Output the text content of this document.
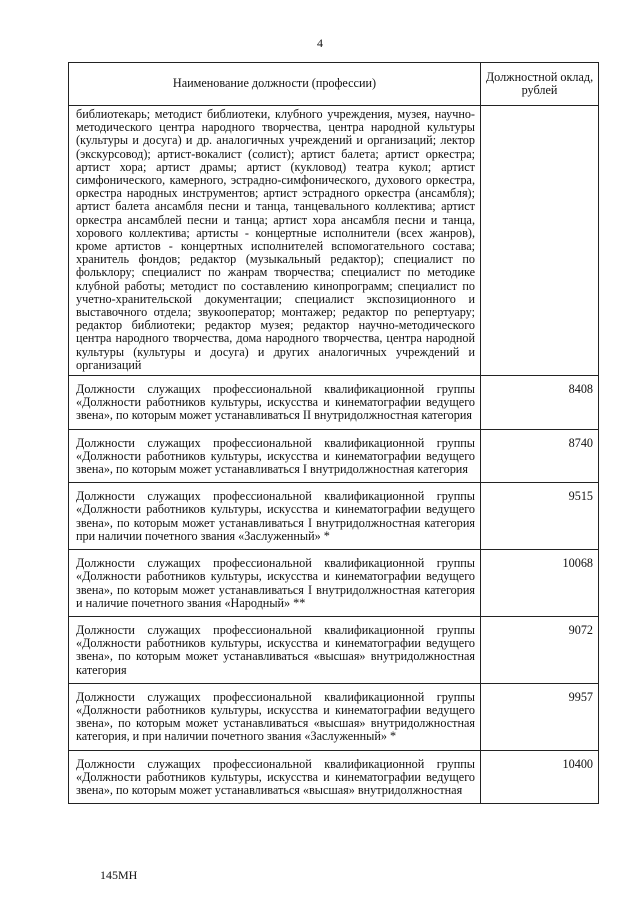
4
Наименование должности (профессии)	Должностной оклад, рублей
библиотекарь; методист библиотеки, клубного учреждения, музея, научно-методического центра народного творчества, центра народной культуры (культуры и досуга) и др. аналогичных учреждений и организаций; лектор (экскурсовод); артист-вокалист (солист); артист балета; артист оркестра; артист хора; артист драмы; артист (кукловод) театра кукол; артист симфонического, камерного, эстрадно-симфонического, духового оркестра, оркестра народных инструментов; артист эстрадного оркестра (ансамбля); артист балета ансамбля песни и танца, танцевального коллектива; артист оркестра ансамблей песни и танца; артист хора ансамбля песни и танца, хорового коллектива; артисты - концертные исполнители (всех жанров), кроме артистов - концертных исполнителей вспомогательного состава; хранитель фондов; редактор (музыкальный редактор); специалист по фольклору; специалист по жанрам творчества; специалист по методике клубной работы; методист по составлению кинопрограмм; специалист по учетно-хранительской документации; специалист экспозиционного и выставочного отдела; звукооператор; монтажер; редактор по репертуару; редактор библиотеки; редактор музея; редактор научно-методического центра народного творчества, дома народного творчества, центра народной культуры (культуры и досуга) и других аналогичных учреждений и организаций	
Должности служащих профессиональной квалификационной группы «Должности работников культуры, искусства и кинематографии ведущего звена», по которым может устанавливаться II внутридолжностная категория	8408
Должности служащих профессиональной квалификационной группы «Должности работников культуры, искусства и кинематографии ведущего звена», по которым может устанавливаться I внутридолжностная категория	8740
Должности служащих профессиональной квалификационной группы «Должности работников культуры, искусства и кинематографии ведущего звена», по которым может устанавливаться I внутридолжностная категория при наличии почетного звания «Заслуженный» *	9515
Должности служащих профессиональной квалификационной группы «Должности работников культуры, искусства и кинематографии ведущего звена», по которым может устанавливаться I внутридолжностная категория и наличие почетного звания «Народный» **	10068
Должности служащих профессиональной квалификационной группы «Должности работников культуры, искусства и кинематографии ведущего звена», по которым может устанавливаться «высшая» внутридолжностная категория	9072
Должности служащих профессиональной квалификационной группы «Должности работников культуры, искусства и кинематографии ведущего звена», по которым может устанавливаться «высшая» внутридолжностная категория, и при наличии почетного звания «Заслуженный» *	9957
Должности служащих профессиональной квалификационной группы «Должности работников культуры, искусства и кинематографии ведущего звена», по которым может устанавливаться «высшая» внутридолжностная	10400
145МН
